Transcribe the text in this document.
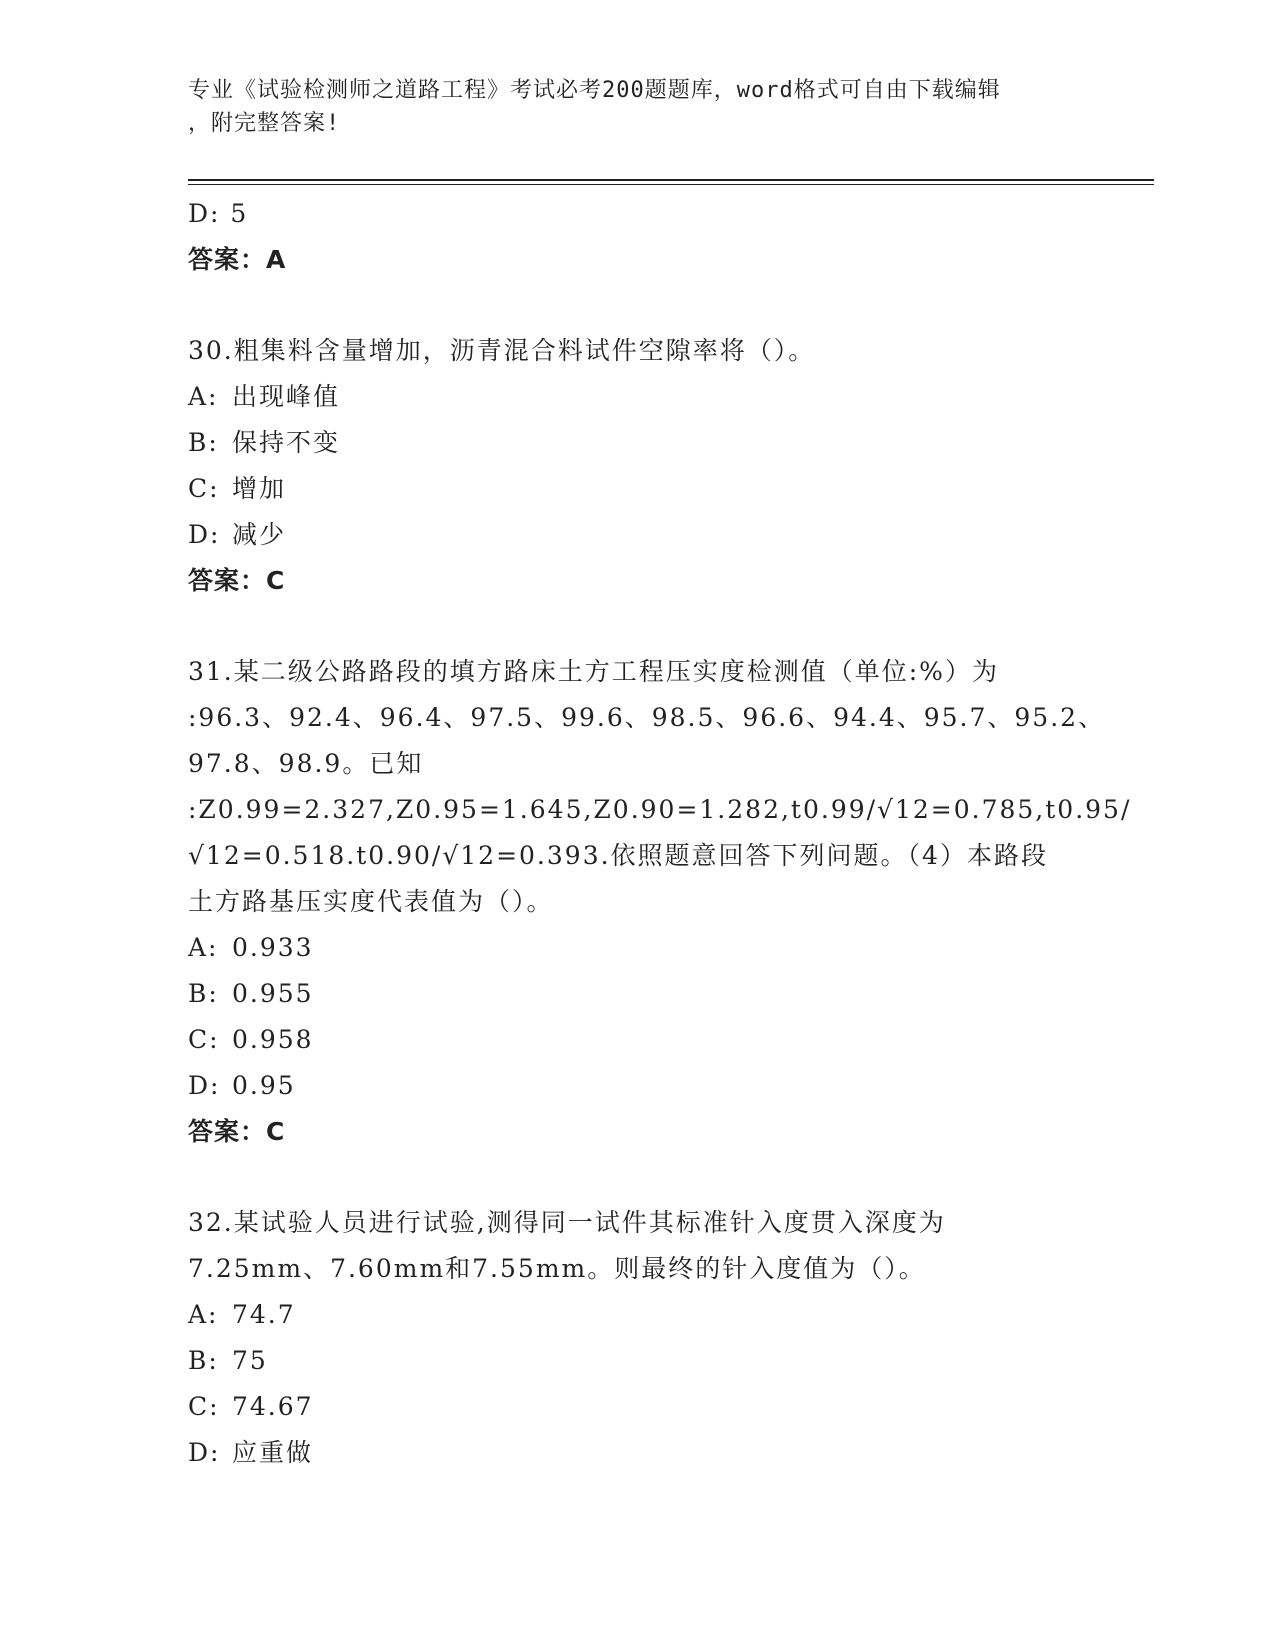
专业《试验检测师之道路工程》考试必考200题题库，word格式可自由下载编辑
，附完整答案!
D: 5
答案：A
30.粗集料含量增加，沥青混合料试件空隙率将（）。
A: 出现峰值
B: 保持不变
C: 增加
D: 减少
答案：C
31.某二级公路路段的填方路床土方工程压实度检测值（单位:%）为
:96.3、92.4、96.4、97.5、99.6、98.5、96.6、94.4、95.7、95.2、
97.8、98.9。已知
:Z0.99=2.327,Z0.95=1.645,Z0.90=1.282,t0.99/√12=0.785,t0.95/
√12=0.518.t0.90/√12=0.393.依照题意回答下列问题。（4）本路段
土方路基压实度代表值为（）。
A: 0.933
B: 0.955
C: 0.958
D: 0.95
答案：C
32.某试验人员进行试验,测得同一试件其标准针入度贯入深度为
7.25mm、7.60mm和7.55mm。则最终的针入度值为（）。
A: 74.7
B: 75
C: 74.67
D: 应重做
